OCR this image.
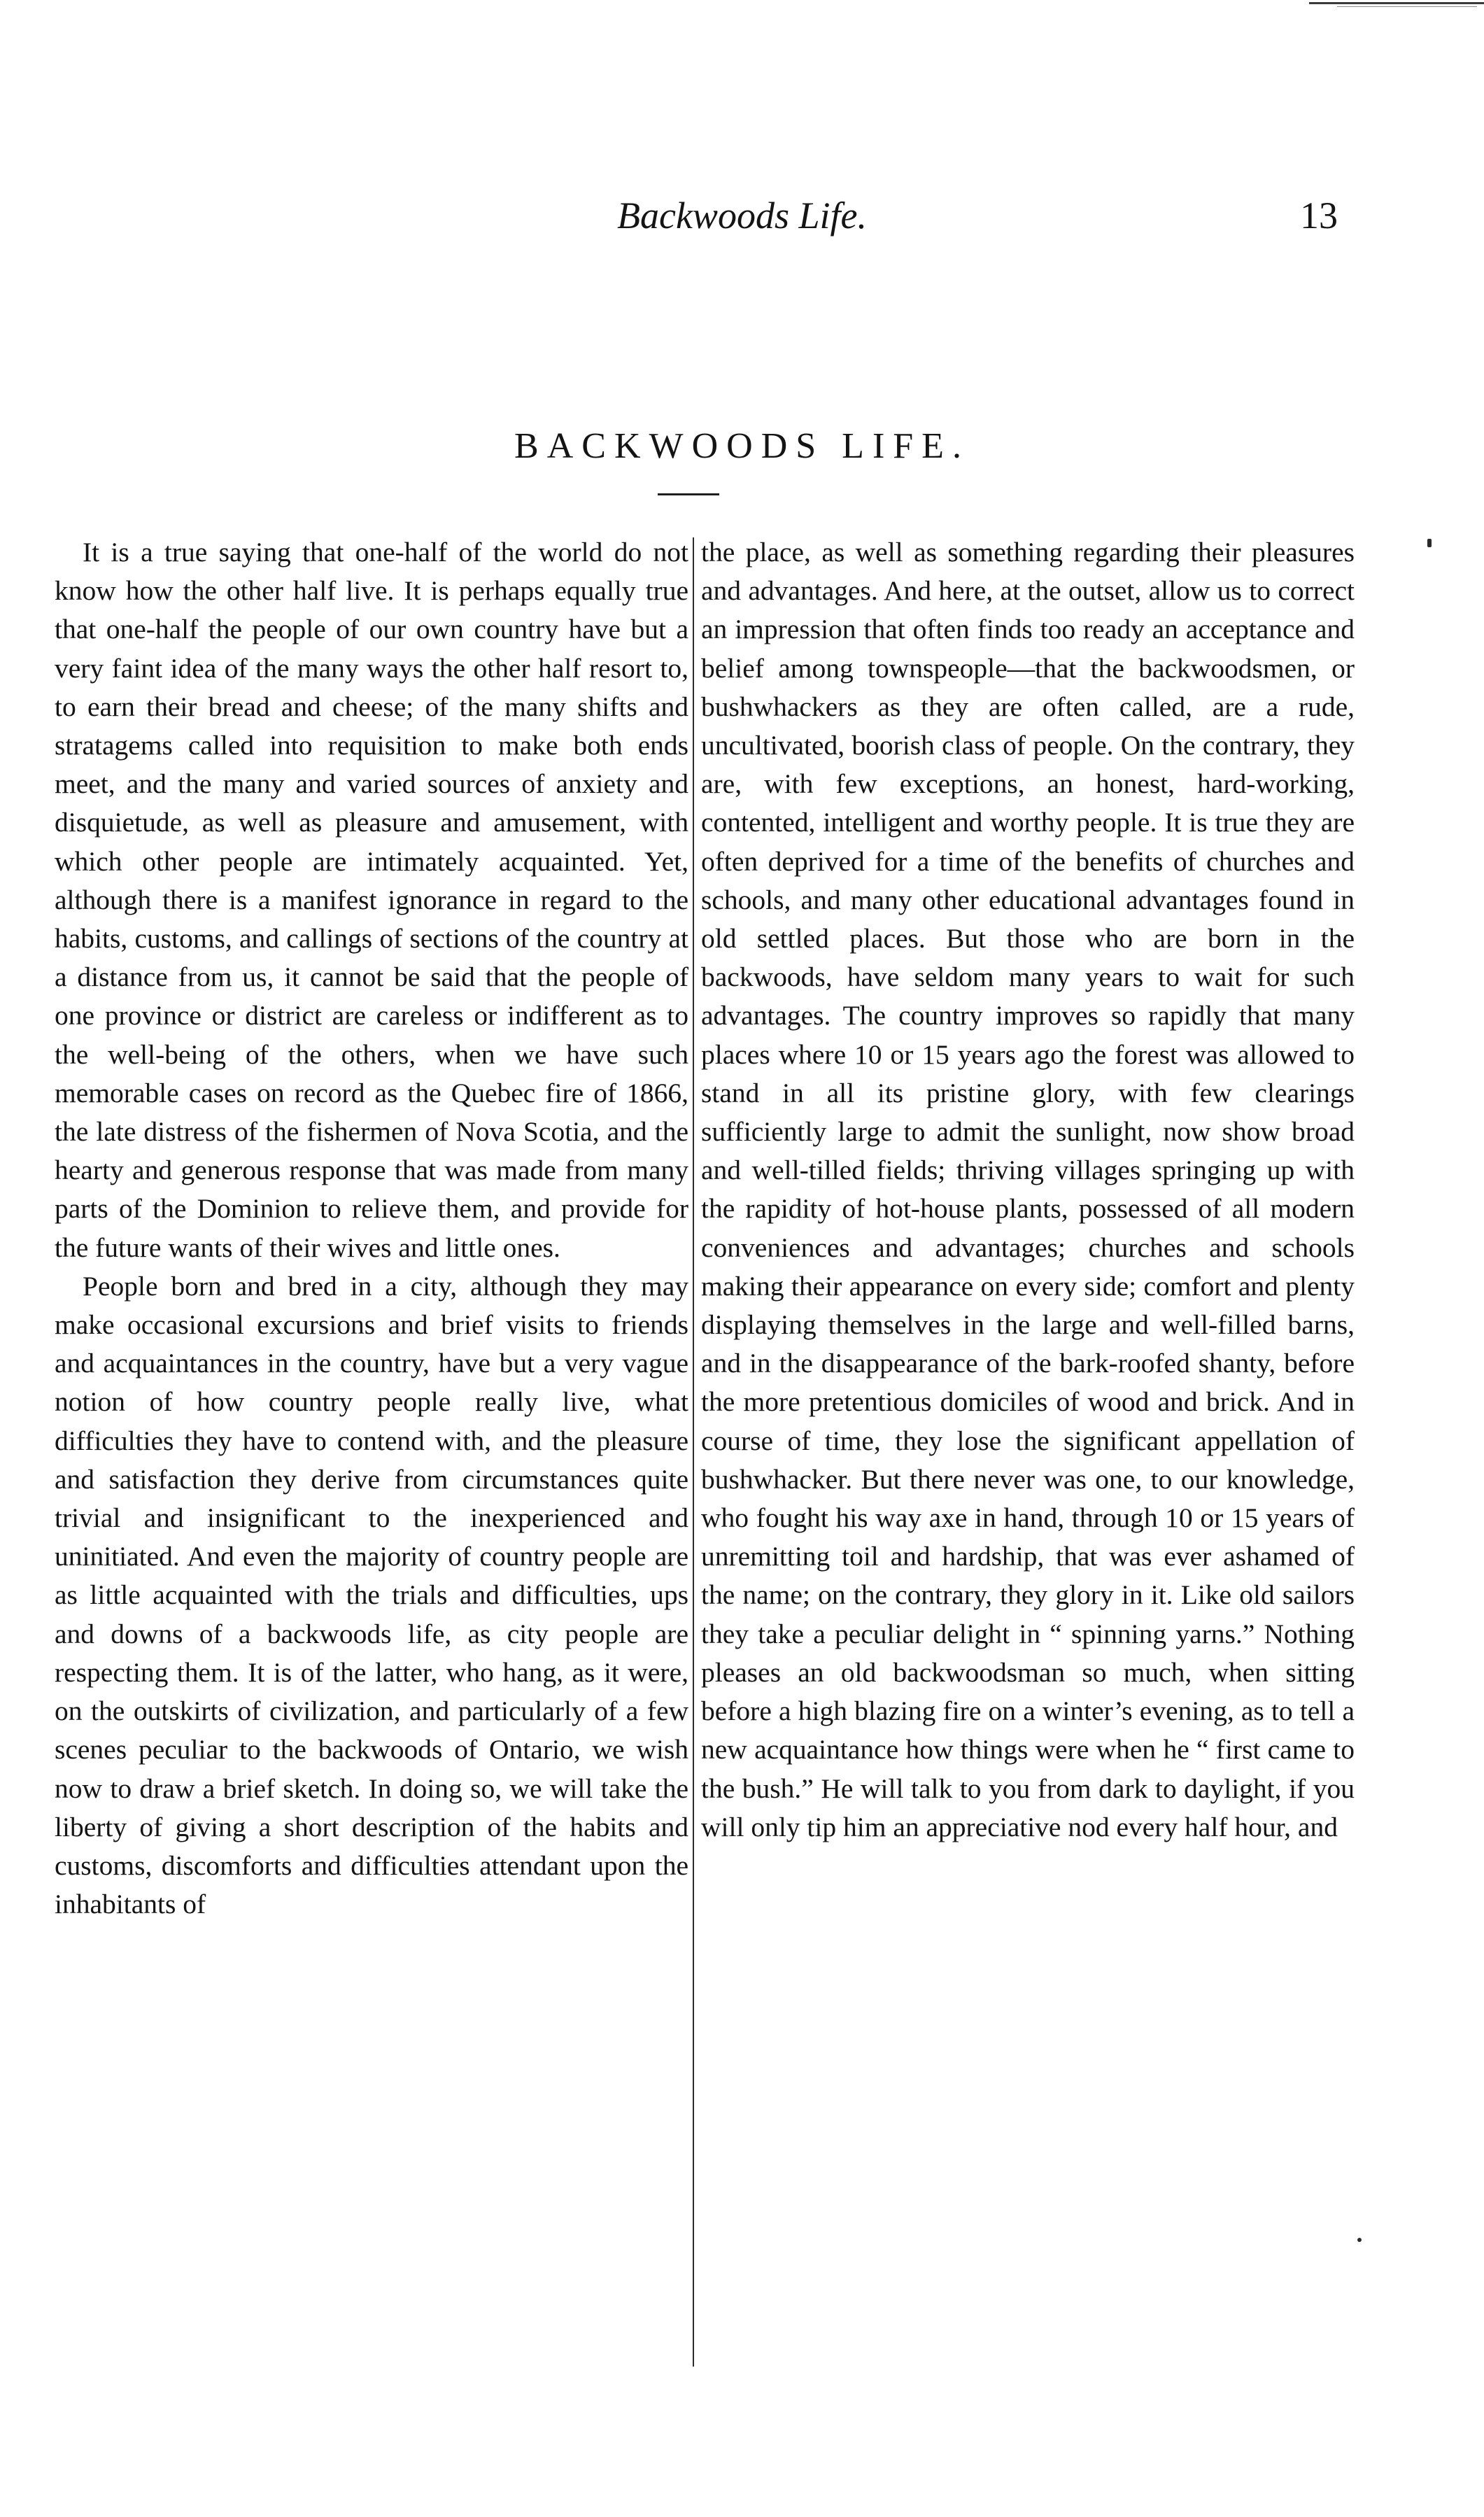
Backwoods Life.	13
BACKWOODS LIFE.

It is a true saying that one-half of the world do not know how the other half live. It is perhaps equally true that one-half the people of our own country have but a very faint idea of the many ways the other half resort to, to earn their bread and cheese; of the many shifts and stratagems called into requisition to make both ends meet, and the many and varied sources of anxiety and disquietude, as well as pleasure and amusement, with which other people are intimately acquainted. Yet, although there is a manifest ignorance in regard to the habits, customs, and callings of sections of the country at a distance from us, it cannot be said that the people of one province or district are careless or indifferent as to the well-being of the others, when we have such memorable cases on record as the Quebec fire of 1866, the late distress of the fishermen of Nova Scotia, and the hearty and generous response that was made from many parts of the Dominion to relieve them, and provide for the future wants of their wives and little ones.

People born and bred in a city, although they may make occasional excursions and brief visits to friends and acquaintances in the country, have but a very vague notion of how country people really live, what difficulties they have to contend with, and the pleasure and satisfaction they derive from circumstances quite trivial and insignificant to the inexperienced and uninitiated. And even the majority of country people are as little acquainted with the trials and difficulties, ups and downs of a backwoods life, as city people are respecting them. It is of the latter, who hang, as it were, on the outskirts of civilization, and particularly of a few scenes peculiar to the backwoods of Ontario, we wish now to draw a brief sketch. In doing so, we will take the liberty of giving a short description of the habits and customs, discomforts and difficulties attendant upon the inhabitants of

the place, as well as something regarding their pleasures and advantages. And here, at the outset, allow us to correct an impression that often finds too ready an acceptance and belief among townspeople—that the backwoodsmen, or bushwhackers as they are often called, are a rude, uncultivated, boorish class of people. On the contrary, they are, with few exceptions, an honest, hard-working, contented, intelligent and worthy people. It is true they are often deprived for a time of the benefits of churches and schools, and many other educational advantages found in old settled places. But those who are born in the backwoods, have seldom many years to wait for such advantages. The country improves so rapidly that many places where 10 or 15 years ago the forest was allowed to stand in all its pristine glory, with few clearings sufficiently large to admit the sunlight, now show broad and well-tilled fields; thriving villages springing up with the rapidity of hot-house plants, possessed of all modern conveniences and advantages; churches and schools making their appearance on every side; comfort and plenty displaying themselves in the large and well-filled barns, and in the disappearance of the bark-roofed shanty, before the more pretentious domiciles of wood and brick. And in course of time, they lose the significant appellation of bushwhacker. But there never was one, to our knowledge, who fought his way axe in hand, through 10 or 15 years of unremitting toil and hardship, that was ever ashamed of the name; on the contrary, they glory in it. Like old sailors they take a peculiar delight in “ spinning yarns.” Nothing pleases an old backwoodsman so much, when sitting before a high blazing fire on a winter’s evening, as to tell a new acquaintance how things were when he “ first came to the bush.” He will talk to you from dark to daylight, if you will only tip him an appreciative nod every half hour, and
